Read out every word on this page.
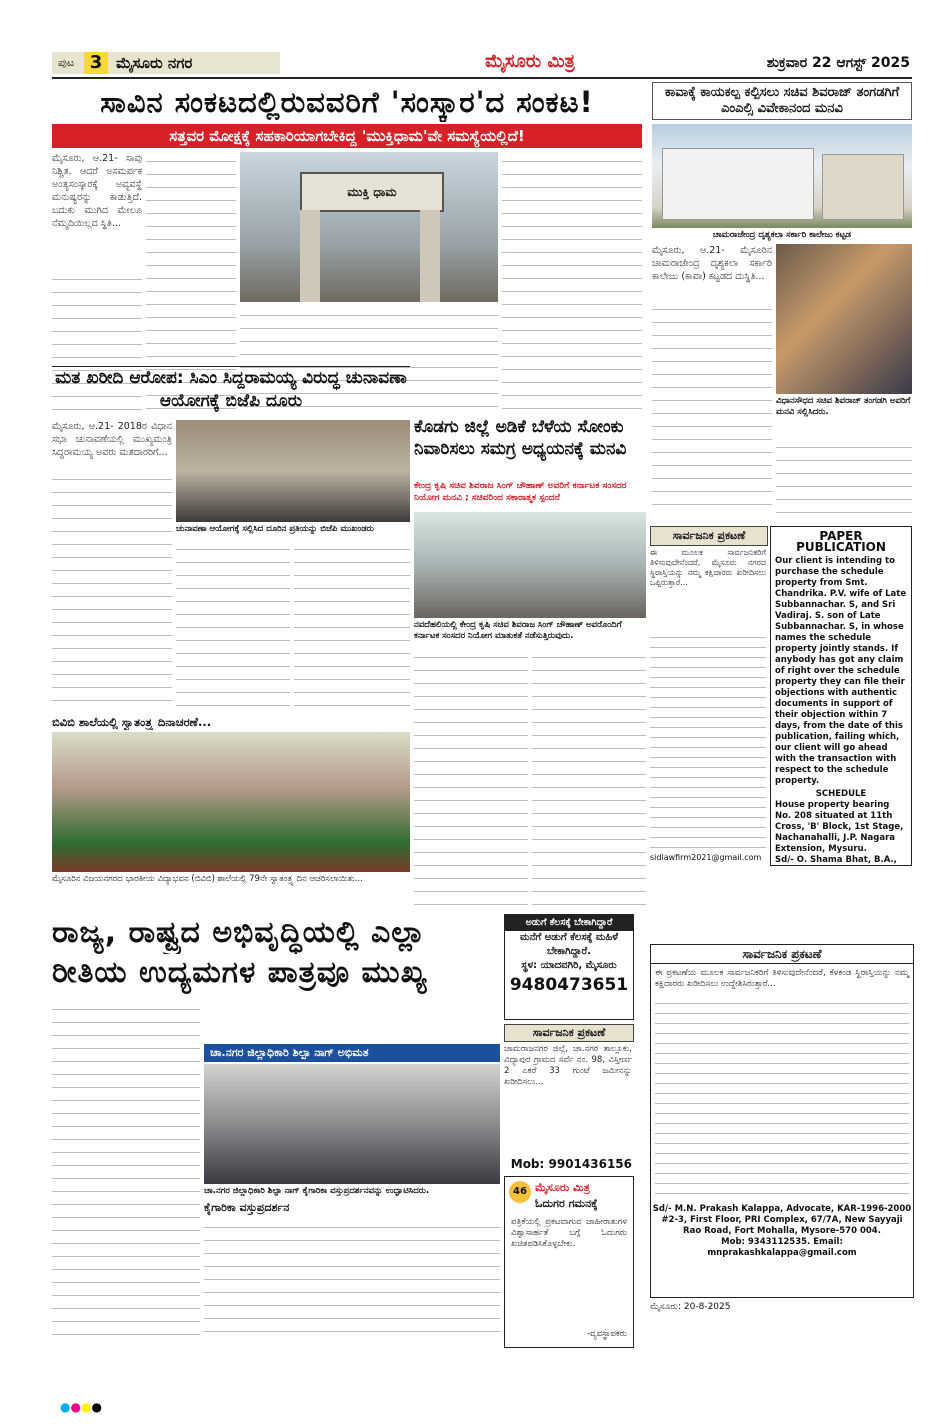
ಪುಟ 3 ಮೈಸೂರು ನಗರ	ಮೈಸೂರು ಮಿತ್ರ	ಶುಕ್ರವಾರ 22 ಆಗಸ್ಟ್ 2025
ಸಾವಿನ ಸಂಕಟದಲ್ಲಿರುವವರಿಗೆ 'ಸಂಸ್ಕಾರ'ದ ಸಂಕಟ!
ಸತ್ತವರ ಮೋಕ್ಷಕ್ಕೆ ಸಹಕಾರಿಯಾಗಬೇಕಿದ್ದ 'ಮುಕ್ತಿಧಾಮ'ವೇ ಸಮಸ್ಯೆಯಲ್ಲಿದೆ!
ಮೈಸೂರು, ಆ.21- ಸಾವು ನಿಶ್ಚಿತ. ಆದರೆ ಅಸಮರ್ಪಕ ಅಂತ್ಯಸಂಸ್ಕಾರಕ್ಕೆ ಅವ್ಯವಸ್ಥೆ ಮನುಷ್ಯರನ್ನು ಕಾಡುತ್ತಿದೆ. ಬದುಕು ಮುಗಿದ ಮೇಲೂ ನೆಮ್ಮದಿಯಿಲ್ಲದ ಸ್ಥಿತಿ...
ಮುಕ್ತಿ ಧಾಮ
ಕಾವಾಕ್ಕೆ ಕಾಯಕಲ್ಪ ಕಲ್ಪಿಸಲು ಸಚಿವ ಶಿವರಾಜ್ ತಂಗಡಗಿಗೆ ಎಂಎಲ್ಸಿ ವಿವೇಕಾನಂದ ಮನವಿ
ಚಾಮರಾಜೇಂದ್ರ ದೃಶ್ಯಕಲಾ ಸರ್ಕಾರಿ ಕಾಲೇಜು ಕಟ್ಟಡ
ಮೈಸೂರು, ಆ.21- ಮೈಸೂರಿನ ಚಾಮರಾಜೇಂದ್ರ ದೃಶ್ಯಕಲಾ ಸರ್ಕಾರಿ ಕಾಲೇಜು (ಕಾವಾ) ಕಟ್ಟಡದ ದುಸ್ಥಿತಿ...
ವಿಧಾನಸೌಧದ ಸಚಿವ ಶಿವರಾಜ್ ತಂಗಡಗಿ ಅವರಿಗೆ ಮನವಿ ಸಲ್ಲಿಸಿದರು.
ಮತ ಖರೀದಿ ಆರೋಪ: ಸಿಎಂ ಸಿದ್ದರಾಮಯ್ಯ ವಿರುದ್ಧ ಚುನಾವಣಾ ಆಯೋಗಕ್ಕೆ ಬಿಜೆಪಿ ದೂರು
ಮೈಸೂರು, ಆ.21- 2018ರ ವಿಧಾನ ಸಭಾ ಚುನಾವಣೆಯಲ್ಲಿ ಮುಖ್ಯಮಂತ್ರಿ ಸಿದ್ದರಾಮಯ್ಯ ಅವರು ಮತದಾರರಿಗೆ...
ಚುನಾವಣಾ ಆಯೋಗಕ್ಕೆ ಸಲ್ಲಿಸಿದ ದೂರಿನ ಪ್ರತಿಯನ್ನು ಬಿಜೆಪಿ ಮುಖಂಡರು
ಕೊಡಗು ಜಿಲ್ಲೆ ಅಡಿಕೆ ಬೆಳೆಯ ಸೋಂಕು ನಿವಾರಿಸಲು ಸಮಗ್ರ ಅಧ್ಯಯನಕ್ಕೆ ಮನವಿ
ಕೇಂದ್ರ ಕೃಷಿ ಸಚಿವ ಶಿವರಾಜ ಸಿಂಗ್ ಚೌಹಾಣ್ ಅವರಿಗೆ ಕರ್ನಾಟಕ ಸಂಸದರ ನಿಯೋಗ ಮನವಿ ; ಸಚಿವರಿಂದ ಸಕಾರಾತ್ಮಕ ಸ್ಪಂದನೆ
ನವದೆಹಲಿಯಲ್ಲಿ ಕೇಂದ್ರ ಕೃಷಿ ಸಚಿವ ಶಿವರಾಜ ಸಿಂಗ್ ಚೌಹಾಣ್ ಅವರೊಂದಿಗೆ ಕರ್ನಾಟಕ ಸಂಸದರ ನಿಯೋಗ ಮಾತುಕತೆ ನಡೆಸುತ್ತಿರುವುದು.
ಬಿವಿಬಿ ಶಾಲೆಯಲ್ಲಿ ಸ್ವಾತಂತ್ರ್ಯ ದಿನಾಚರಣೆ...
ಮೈಸೂರಿನ ವಿಜಯನಗರದ ಭಾರತೀಯ ವಿದ್ಯಾಭವನ (ಬಿವಿಬಿ) ಶಾಲೆಯಲ್ಲಿ 79ನೇ ಸ್ವಾತಂತ್ರ್ಯ ದಿನ ಆಚರಿಸಲಾಯಿತು...
ಸಾರ್ವಜನಿಕ ಪ್ರಕಟಣೆ
ಈ ಮೂಲಕ ಸಾರ್ವಜನಿಕರಿಗೆ ತಿಳಿಸುವುದೇನೆಂದರೆ, ಮೈಸೂರು ನಗರದ ಸ್ಥಿರಾಸ್ತಿಯನ್ನು ನಮ್ಮ ಕಕ್ಷಿದಾರರು ಖರೀದಿಸಲು ಒಪ್ಪಿರುತ್ತಾರೆ...
sidlawfirm2021@gmail.com
PAPER PUBLICATION
Our client is intending to purchase the schedule property from Smt. Chandrika. P.V. wife of Late Subbannachar. S, and Sri Vadiraj. S. son of Late Subbannachar. S, in whose names the schedule property jointly stands. If anybody has got any claim of right over the schedule property they can file their objections with authentic documents in support of their objection within 7 days, from the date of this publication, failing which, our client will go ahead with the transaction with respect to the schedule property.
SCHEDULE
House property bearing No. 208 situated at 11th Cross, 'B' Block, 1st Stage, Nachanahalli, J.P. Nagara Extension, Mysuru.
Sd/- O. Shama Bhat, B.A.,
ಅಡುಗೆ ಕೆಲಸಕ್ಕೆ ಬೇಕಾಗಿದ್ದಾರೆ
ಮನೆಗೆ ಅಡುಗೆ ಕೆಲಸಕ್ಕೆ ಮಹಿಳೆ
ಬೇಕಾಗಿದ್ದಾರೆ.
ಸ್ಥಳ: ಯಾದವಗಿರಿ, ಮೈಸೂರು
9480473651
ಸಾರ್ವಜನಿಕ ಪ್ರಕಟಣೆ
ಚಾಮರಾಜನಗರ ಜಿಲ್ಲೆ, ಚಾ.ನಗರ ತಾಲ್ಲೂಕು, ವಿದ್ಯಾಪುರ ಗ್ರಾಮದ ಸರ್ವೆ ನಂ. 98, ವಿಸ್ತೀರ್ಣ 2 ಎಕರೆ 33 ಗುಂಟೆ ಜಮೀನನ್ನು ಖರೀದಿಸಲು...
Mob: 9901436156
46 ಮೈಸೂರು ಮಿತ್ರ
ಓದುಗರ ಗಮನಕ್ಕೆ
ಪತ್ರಿಕೆಯಲ್ಲಿ ಪ್ರಕಟವಾಗುವ ಜಾಹೀರಾತುಗಳ ವಿಶ್ವಾಸಾರ್ಹತೆ ಬಗ್ಗೆ ಓದುಗರು ಖಚಿತಪಡಿಸಿಕೊಳ್ಳಬೇಕು.
-ವ್ಯವಸ್ಥಾಪಕರು
ಸಾರ್ವಜನಿಕ ಪ್ರಕಟಣೆ
ಈ ಪ್ರಕಟಣೆಯ ಮೂಲಕ ಸಾರ್ವಜನಿಕರಿಗೆ ತಿಳಿಸುವುದೇನೆಂದರೆ, ಕೆಳಕಂಡ ಸ್ಥಿರಾಸ್ತಿಯನ್ನು ನಮ್ಮ ಕಕ್ಷಿದಾರರು ಖರೀದಿಸಲು ಉದ್ದೇಶಿಸಿರುತ್ತಾರೆ...
Sd/- M.N. Prakash Kalappa, Advocate, KAR-1996-2000
#2-3, First Floor, PRI Complex, 67/7A, New Sayyaji Rao Road, Fort Mohalla, Mysore-570 004.
Mob: 9343112535. Email:
mnprakashkalappa@gmail.com
ಮೈಸೂರು: 20-8-2025
ರಾಜ್ಯ, ರಾಷ್ಟ್ರದ ಅಭಿವೃದ್ಧಿಯಲ್ಲಿ ಎಲ್ಲಾ
ರೀತಿಯ ಉದ್ಯಮಗಳ ಪಾತ್ರವೂ ಮುಖ್ಯ
ಚಾ.ನಗರ ಜಿಲ್ಲಾಧಿಕಾರಿ ಶಿಲ್ಪಾ ನಾಗ್ ಅಭಿಮತ
ಚಾ.ನಗರ ಜಿಲ್ಲಾಧಿಕಾರಿ ಶಿಲ್ಪಾ ನಾಗ್ ಕೈಗಾರಿಕಾ ವಸ್ತುಪ್ರದರ್ಶನವನ್ನು ಉದ್ಘಾಟಿಸಿದರು.
ಕೈಗಾರಿಕಾ ವಸ್ತುಪ್ರದರ್ಶನ
●●●●
